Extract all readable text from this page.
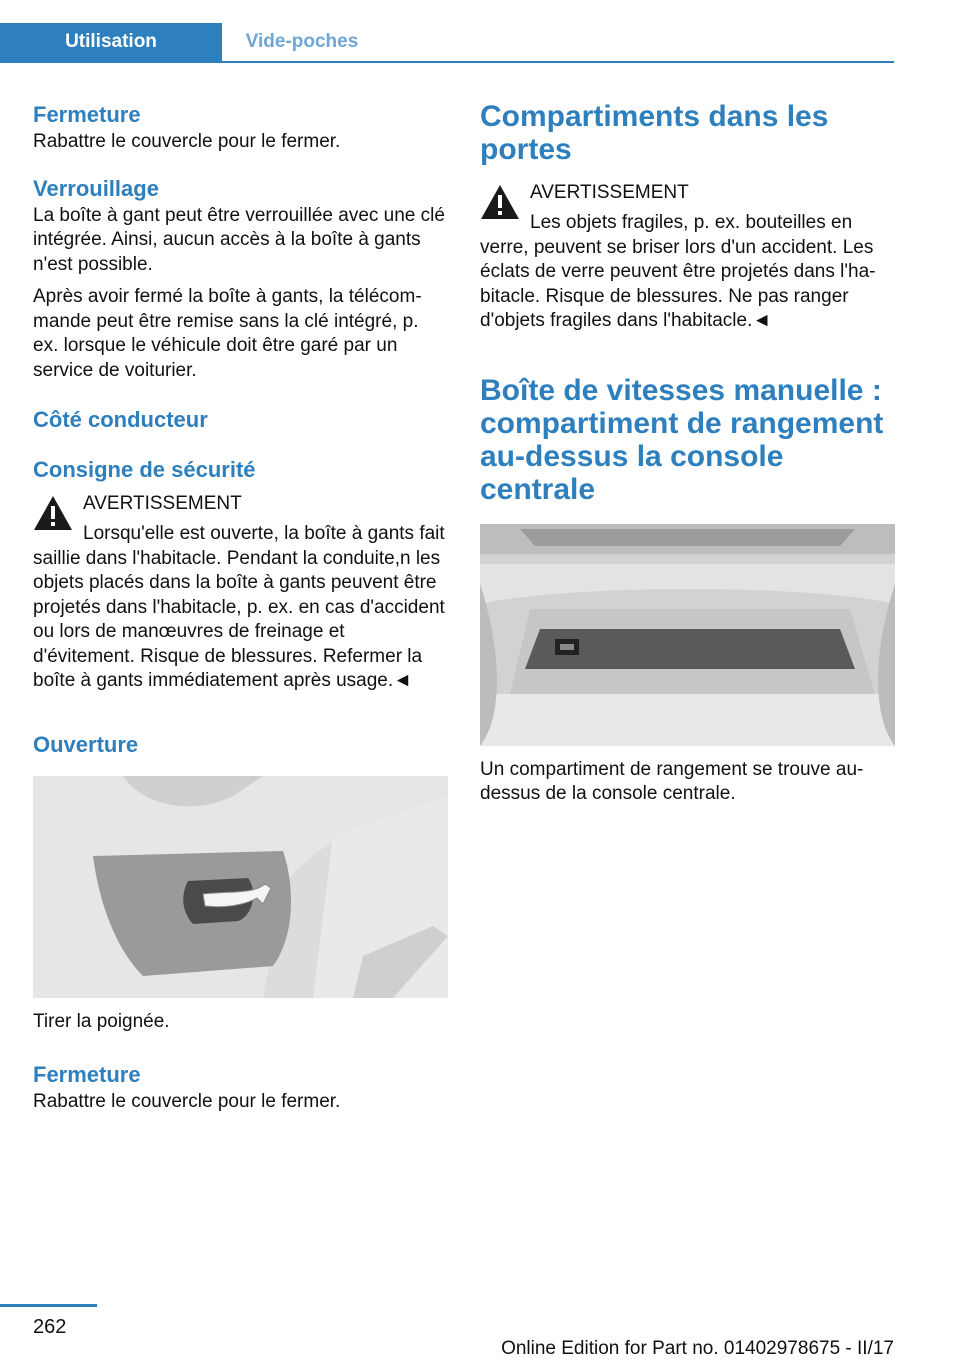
Utilisation	Vide-poches
Fermeture

Rabattre le couvercle pour le fermer.

Verrouillage

La boîte à gant peut être verrouillée avec une clé intégrée. Ainsi, aucun accès à la boîte à gants n'est possible.

Après avoir fermé la boîte à gants, la télécommande peut être remise sans la clé intégré, p. ex. lorsque le véhicule doit être garé par un service de voiturier.

Côté conducteur
Consigne de sécurité
AVERTISSEMENT

Lorsqu'elle est ouverte, la boîte à gants fait saillie dans l'habitacle. Pendant la conduite,n les objets placés dans la boîte à gants peuvent être projetés dans l'habitacle, p. ex. en cas d'accident ou lors de manœuvres de freinage et d'évitement. Risque de blessures. Refermer la boîte à gants immédiatement après usage.◄

Ouverture

Tirer la poignée.

Fermeture

Rabattre le couvercle pour le fermer.

Compartiments dans les portes
AVERTISSEMENT

Les objets fragiles, p. ex. bouteilles en verre, peuvent se briser lors d'un accident. Les éclats de verre peuvent être projetés dans l'habitacle. Risque de blessures. Ne pas ranger d'objets fragiles dans l'habitacle.◄

Boîte de vitesses manuelle : compartiment de rangement au-dessus la console centrale

Un compartiment de rangement se trouve au-dessus de la console centrale.

262
Online Edition for Part no. 01402978675 - II/17
